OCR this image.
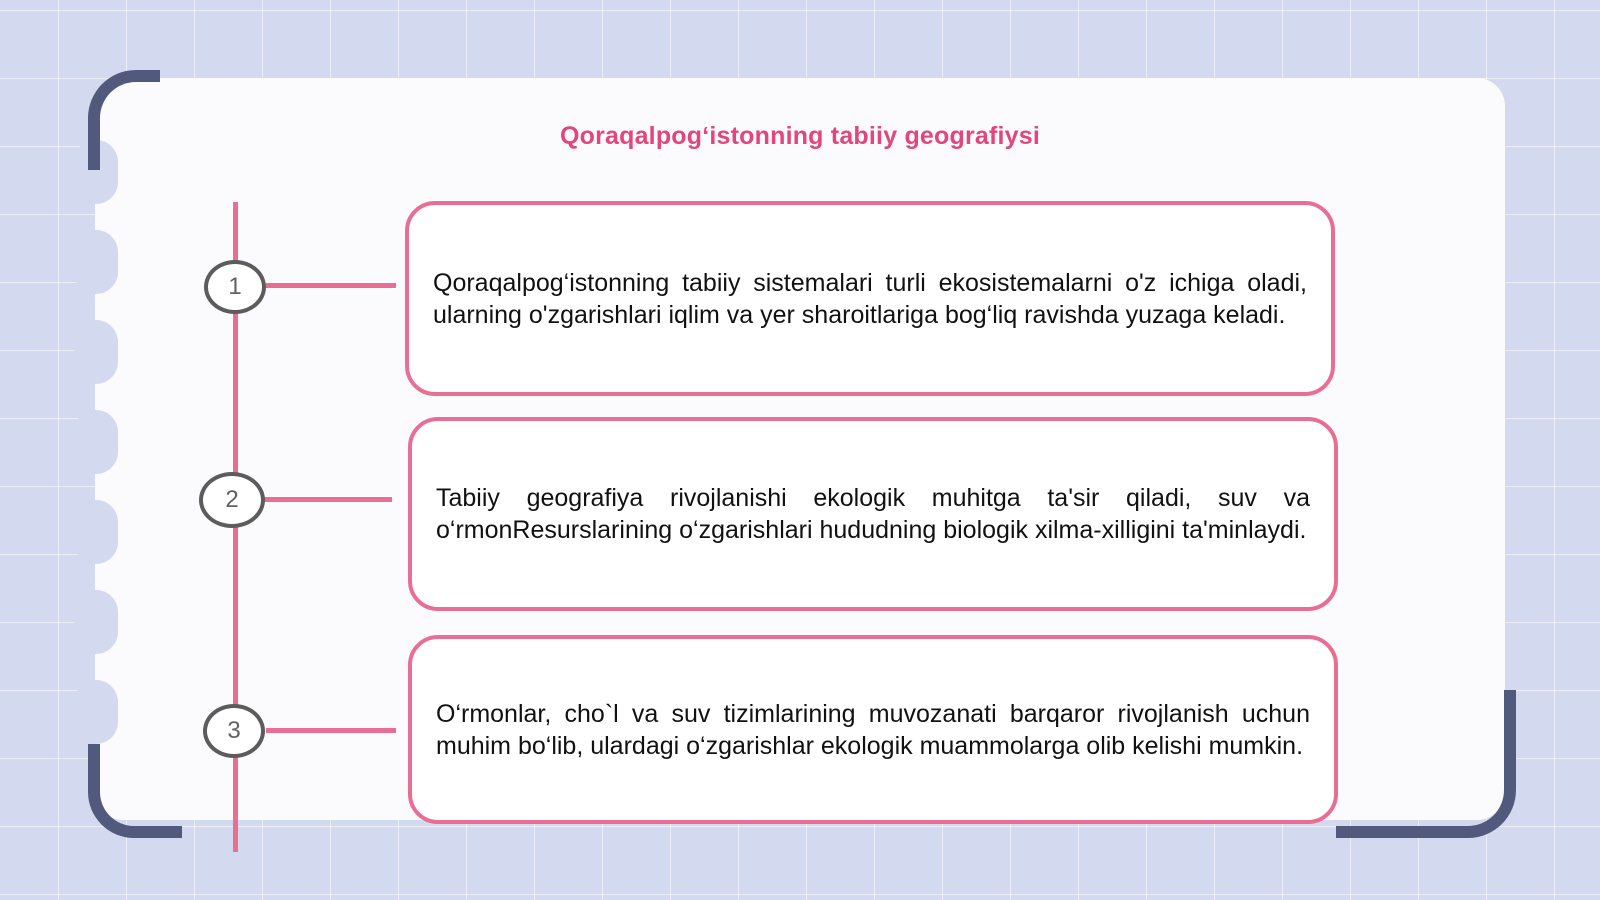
Qoraqalpogʻistonning tabiiy geografiysi
1
2
3

Qoraqalpog‘istonning tabiiy sistemalari turli ekosistemalarni o'z ichiga oladi, ularning o'zgarishlari iqlim va yer sharoitlariga bog‘liq ravishda yuzaga keladi.

Tabiiy geografiya rivojlanishi ekologik muhitga ta'sir qiladi, suv va o‘rmonResurslarining o‘zgarishlari hududning biologik xilma-xilligini ta'minlaydi.

O‘rmonlar, cho`l va suv tizimlarining muvozanati barqaror rivojlanish uchun muhim bo‘lib, ulardagi o‘zgarishlar ekologik muammolarga olib kelishi mumkin.
